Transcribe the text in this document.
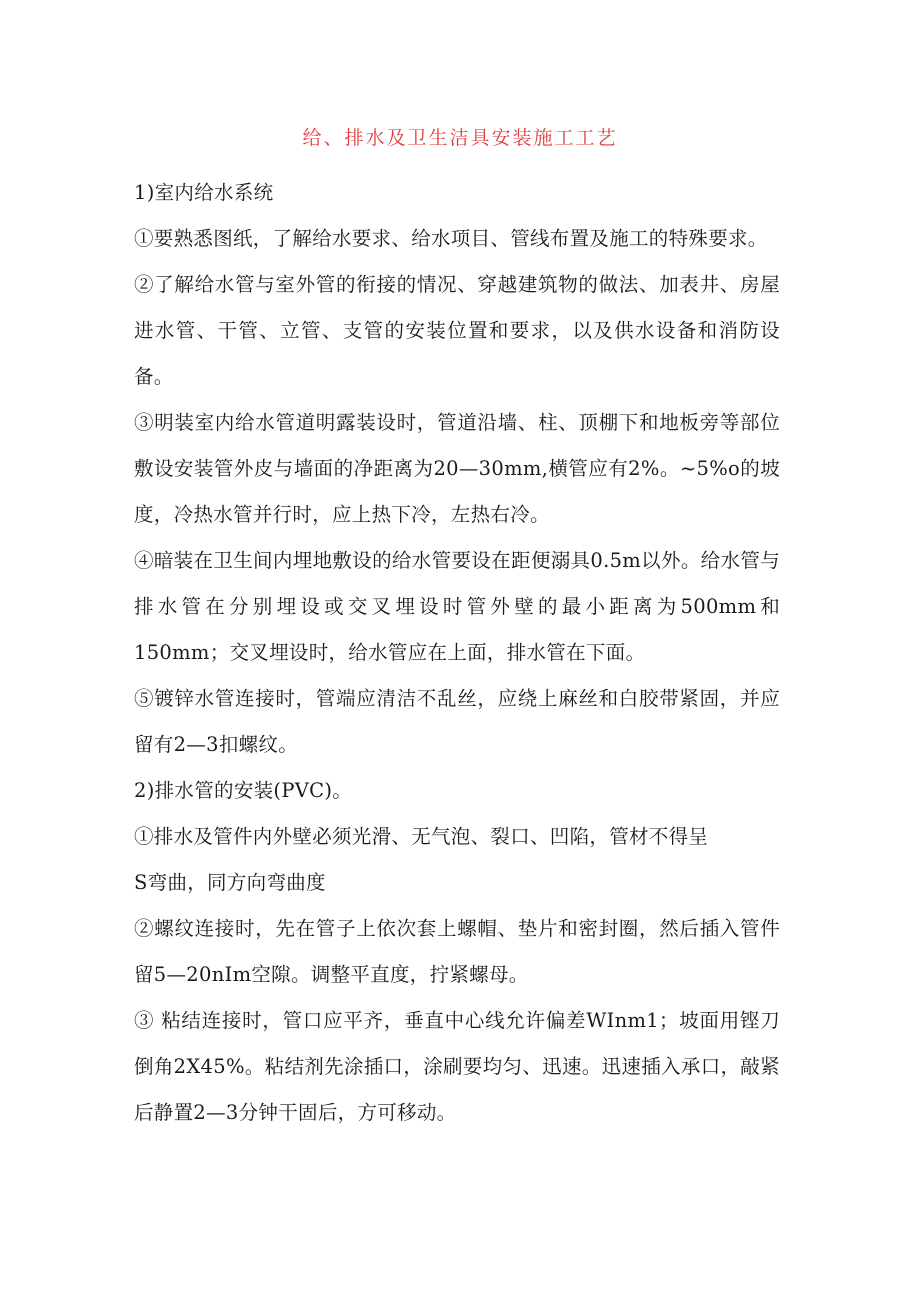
给、排水及卫生洁具安装施工工艺

1)室内给水系统

①要熟悉图纸，了解给水要求、给水项目、管线布置及施工的特殊要求。

②了解给水管与室外管的衔接的情况、穿越建筑物的做法、加表井、房屋进水管、干管、立管、支管的安装位置和要求，以及供水设备和消防设备。

③明装室内给水管道明露装设时，管道沿墙、柱、顶棚下和地板旁等部位敷设安装管外皮与墙面的净距离为20—30mm,横管应有2%。~5%o的坡度，冷热水管并行时，应上热下冷，左热右冷。

④暗装在卫生间内埋地敷设的给水管要设在距便溺具0.5m以外。给水管与排水管在分别埋设或交叉埋设时管外壁的最小距离为500mm和150mm；交叉埋设时，给水管应在上面，排水管在下面。

⑤镀锌水管连接时，管端应清洁不乱丝，应绕上麻丝和白胶带紧固，并应留有2—3扣螺纹。

2)排水管的安装(PVC)。

①排水及管件内外壁必须光滑、无气泡、裂口、凹陷，管材不得呈

S弯曲，同方向弯曲度

②螺纹连接时，先在管子上依次套上螺帽、垫片和密封圈，然后插入管件留5—20nIm空隙。调整平直度，拧紧螺母。

③ 粘结连接时，管口应平齐，垂直中心线允许偏差WInm1；坡面用铿刀倒角2X45%。粘结剂先涂插口，涂刷要均匀、迅速。迅速插入承口，敲紧后静置2—3分钟干固后，方可移动。
